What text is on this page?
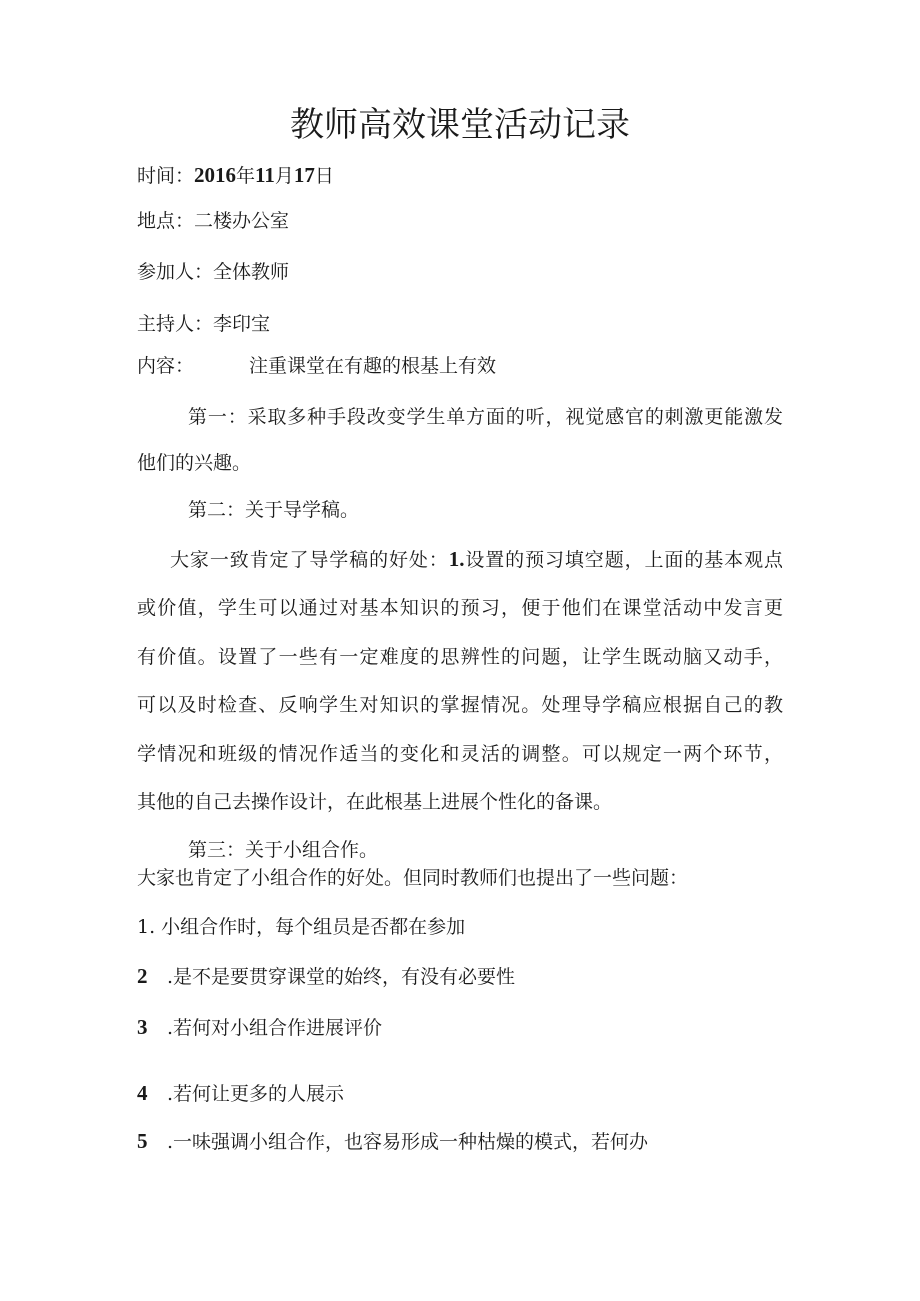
教师高效课堂活动记录

时间：2016年11月17日

地点：二楼办公室

参加人：全体教师

主持人：李印宝

内容：	注重课堂在有趣的根基上有效

第一：采取多种手段改变学生单方面的听，视觉感官的刺激更能激发

他们的兴趣。

第二：关于导学稿。

大家一致肯定了导学稿的好处：1.设置的预习填空题，上面的基本观点

或价值，学生可以通过对基本知识的预习，便于他们在课堂活动中发言更

有价值。设置了一些有一定难度的思辨性的问题，让学生既动脑又动手，

可以及时检查、反响学生对知识的掌握情况。处理导学稿应根据自己的教

学情况和班级的情况作适当的变化和灵活的调整。可以规定一两个环节，

其他的自己去操作设计，在此根基上进展个性化的备课。

第三：关于小组合作。

大家也肯定了小组合作的好处。但同时教师们也提出了一些问题：

1. 小组合作时，每个组员是否都在参加

2 .是不是要贯穿课堂的始终，有没有必要性

3 .若何对小组合作进展评价

4 .若何让更多的人展示

5 .一味强调小组合作，也容易形成一种枯燥的模式，若何办
